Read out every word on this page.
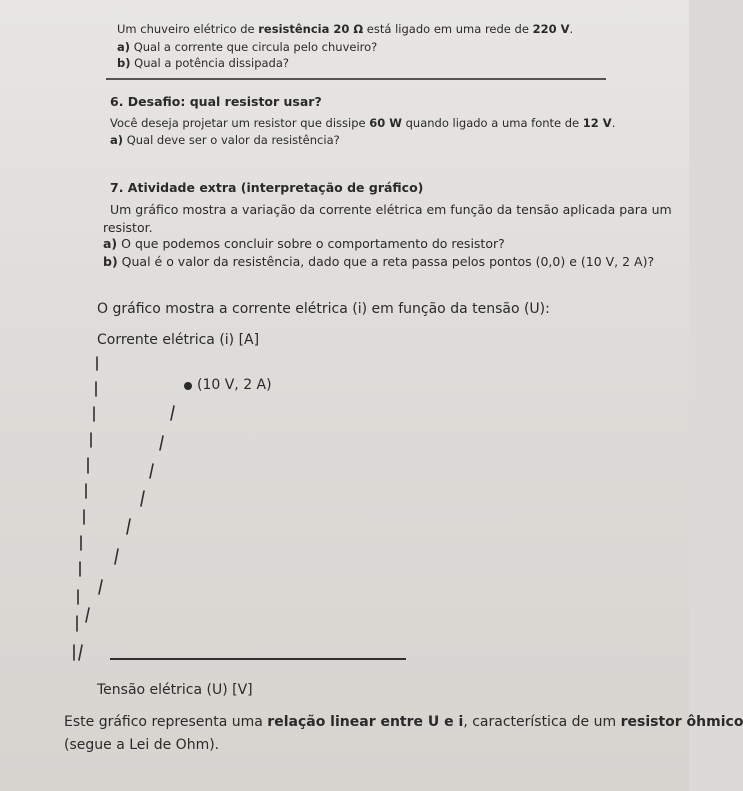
Um chuveiro elétrico de resistência 20 Ω está ligado em uma rede de 220 V.
a) Qual a corrente que circula pelo chuveiro?
b) Qual a potência dissipada?
6. Desafio: qual resistor usar?
Você deseja projetar um resistor que dissipe 60 W quando ligado a uma fonte de 12 V.
a) Qual deve ser o valor da resistência?
7. Atividade extra (interpretação de gráfico)
Um gráfico mostra a variação da corrente elétrica em função da tensão aplicada para um
resistor.
a) O que podemos concluir sobre o comportamento do resistor?
b) Qual é o valor da resistência, dado que a reta passa pelos pontos (0,0) e (10 V, 2 A)?
O gráfico mostra a corrente elétrica (i) em função da tensão (U):
Corrente elétrica (i) [A]
(10 V, 2 A)
Tensão elétrica (U) [V]
Este gráfico representa uma relação linear entre U e i, característica de um resistor ôhmico
(segue a Lei de Ohm).
